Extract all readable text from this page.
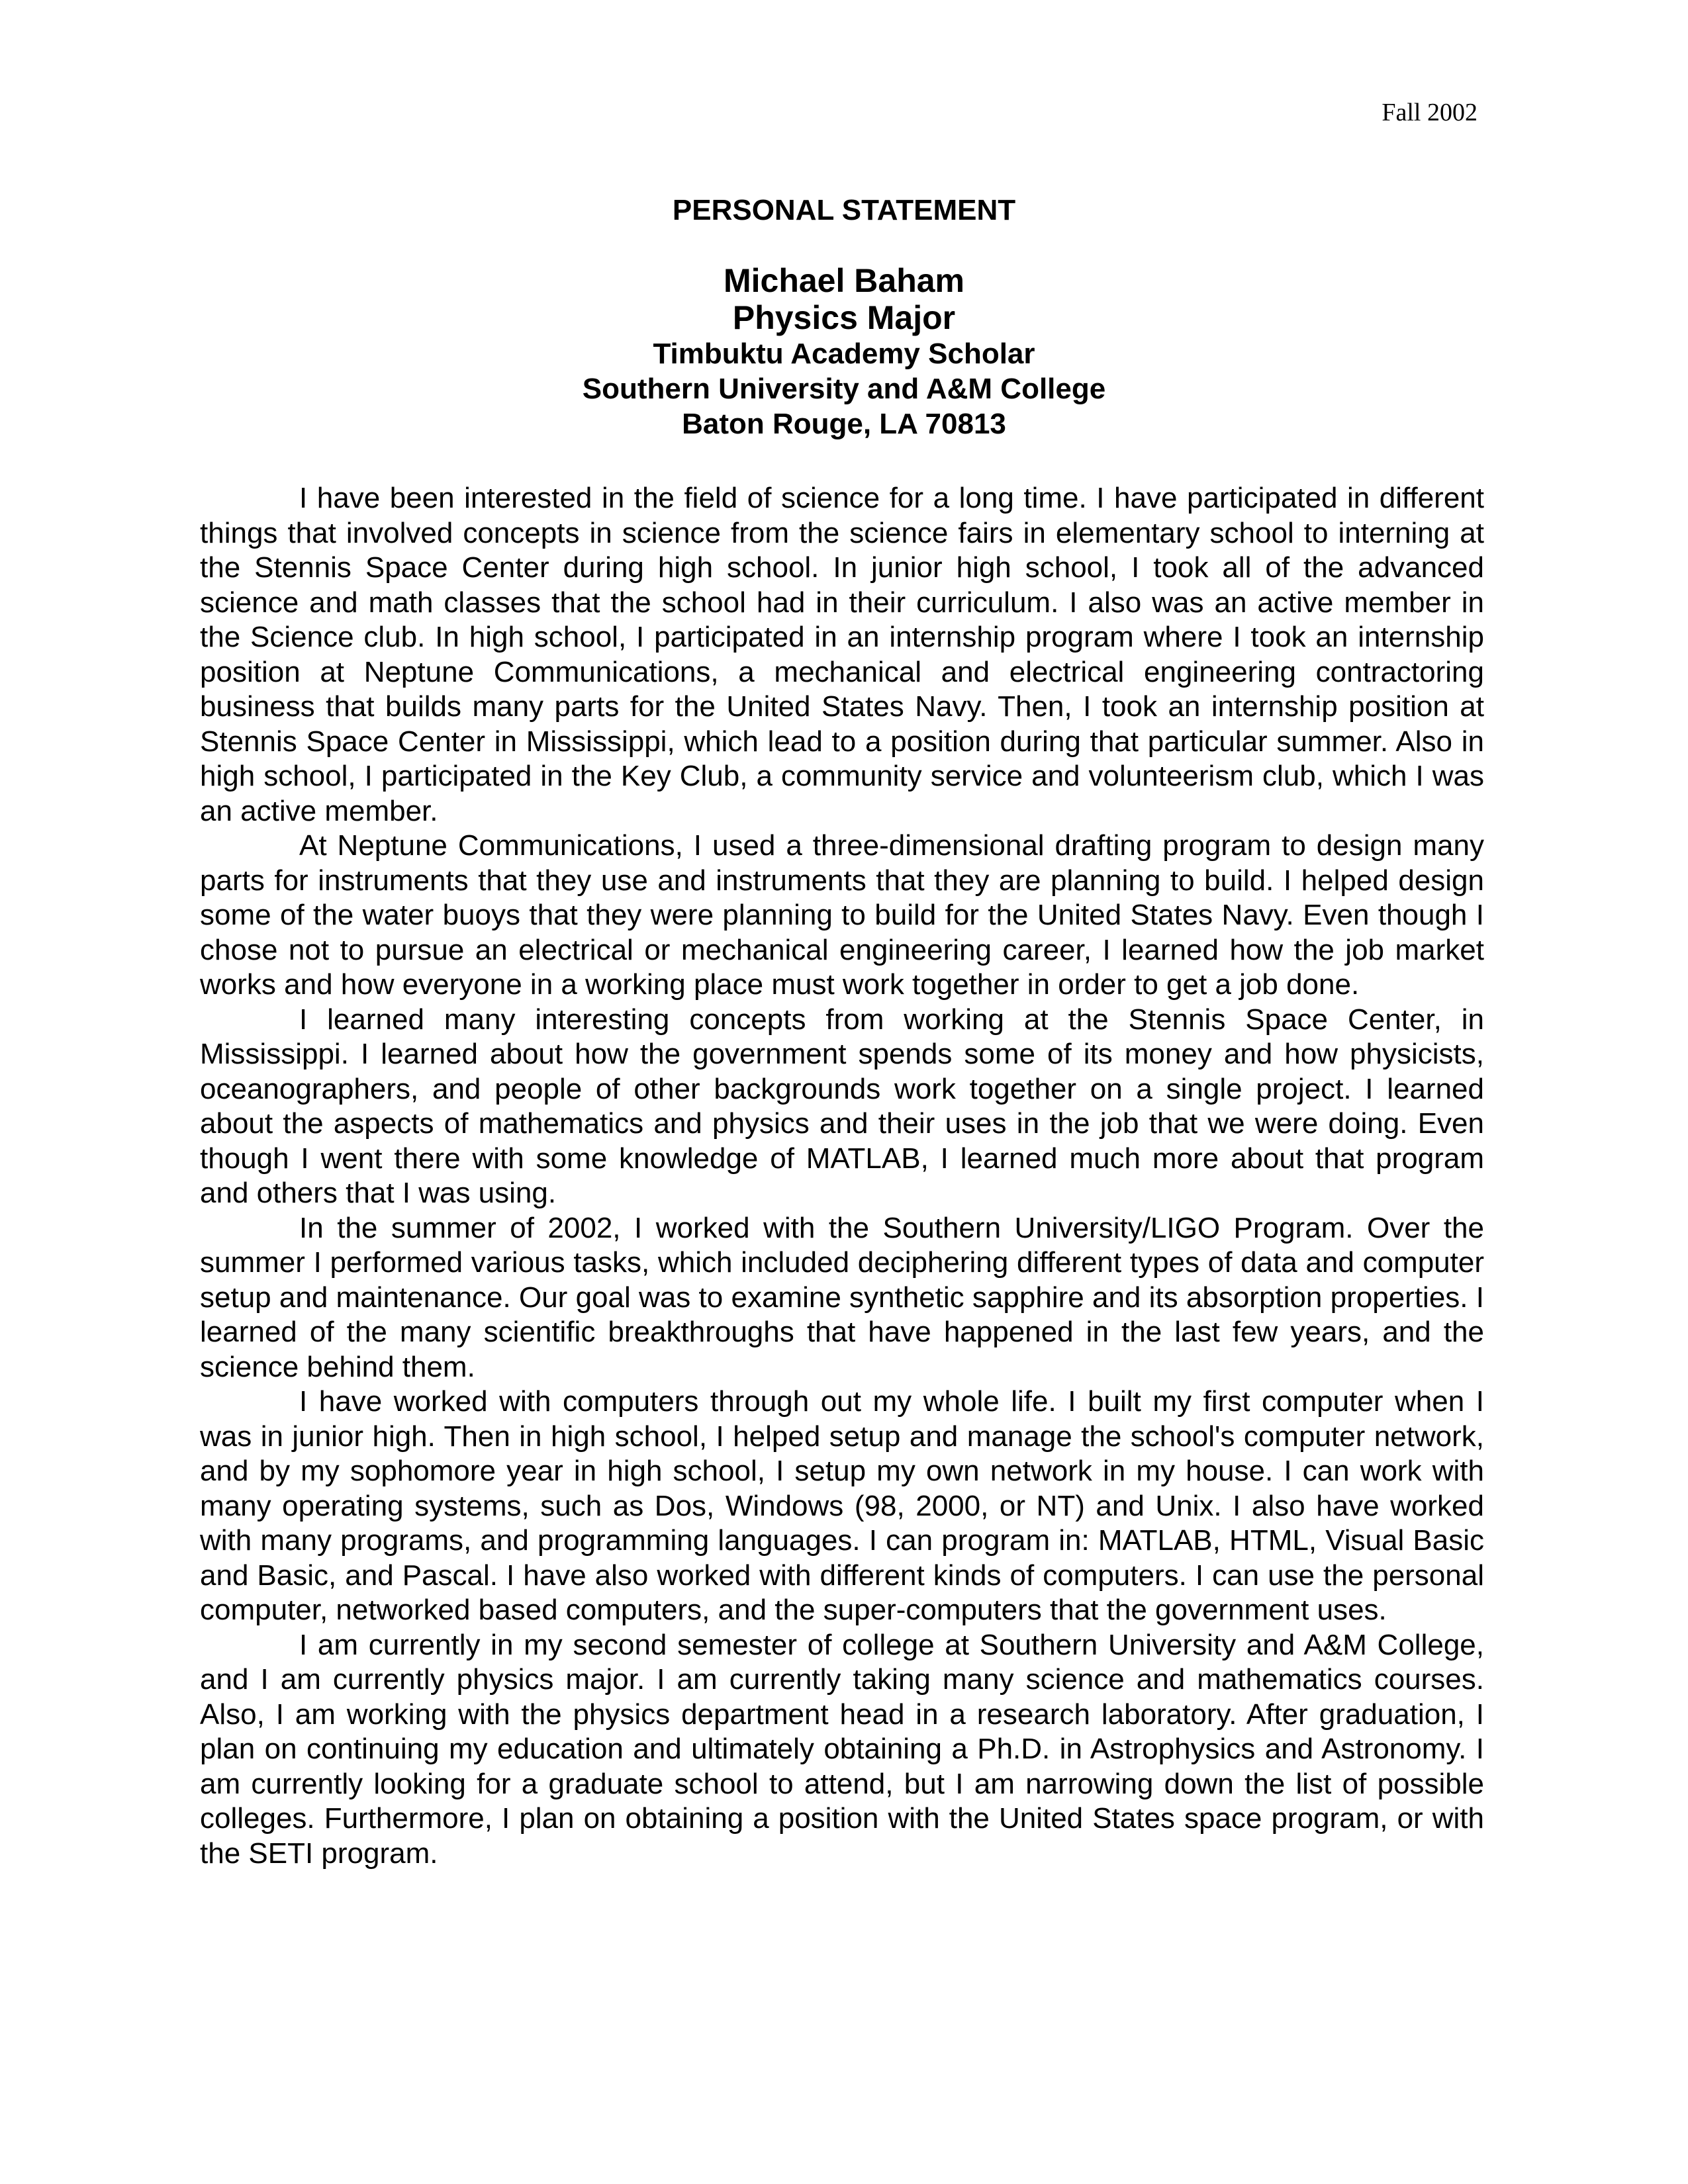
Fall 2002
PERSONAL STATEMENT
Michael Baham
Physics Major
Timbuktu Academy Scholar
Southern University and A&M College
Baton Rouge, LA 70813

I have been interested in the field of science for a long time. I have participated in different things that involved concepts in science from the science fairs in elementary school to interning at the Stennis Space Center during high school. In junior high school, I took all of the advanced science and math classes that the school had in their curriculum. I also was an active member in the Science club. In high school, I participated in an internship program where I took an internship position at Neptune Communications, a mechanical and electrical engineering contractoring business that builds many parts for the United States Navy. Then, I took an internship position at Stennis Space Center in Mississippi, which lead to a position during that particular summer. Also in high school, I participated in the Key Club, a community service and volunteerism club, which I was an active member.

At Neptune Communications, I used a three-dimensional drafting program to design many parts for instruments that they use and instruments that they are planning to build. I helped design some of the water buoys that they were planning to build for the United States Navy. Even though I chose not to pursue an electrical or mechanical engineering career, I learned how the job market works and how everyone in a working place must work together in order to get a job done.

I learned many interesting concepts from working at the Stennis Space Center, in Mississippi. I learned about how the government spends some of its money and how physicists, oceanographers, and people of other backgrounds work together on a single project. I learned about the aspects of mathematics and physics and their uses in the job that we were doing. Even though I went there with some knowledge of MATLAB, I learned much more about that program and others that I was using.

In the summer of 2002, I worked with the Southern University/LIGO Program. Over the summer I performed various tasks, which included deciphering different types of data and computer setup and maintenance. Our goal was to examine synthetic sapphire and its absorption properties. I learned of the many scientific breakthroughs that have happened in the last few years, and the science behind them.

I have worked with computers through out my whole life. I built my first computer when I was in junior high. Then in high school, I helped setup and manage the school's computer network, and by my sophomore year in high school, I setup my own network in my house. I can work with many operating systems, such as Dos, Windows (98, 2000, or NT) and Unix. I also have worked with many programs, and programming languages. I can program in: MATLAB, HTML, Visual Basic and Basic, and Pascal. I have also worked with different kinds of computers. I can use the personal computer, networked based computers, and the super-computers that the government uses.

I am currently in my second semester of college at Southern University and A&M College, and I am currently physics major. I am currently taking many science and mathematics courses. Also, I am working with the physics department head in a research laboratory. After graduation, I plan on continuing my education and ultimately obtaining a Ph.D. in Astrophysics and Astronomy. I am currently looking for a graduate school to attend, but I am narrowing down the list of possible colleges. Furthermore, I plan on obtaining a position with the United States space program, or with the SETI program.
